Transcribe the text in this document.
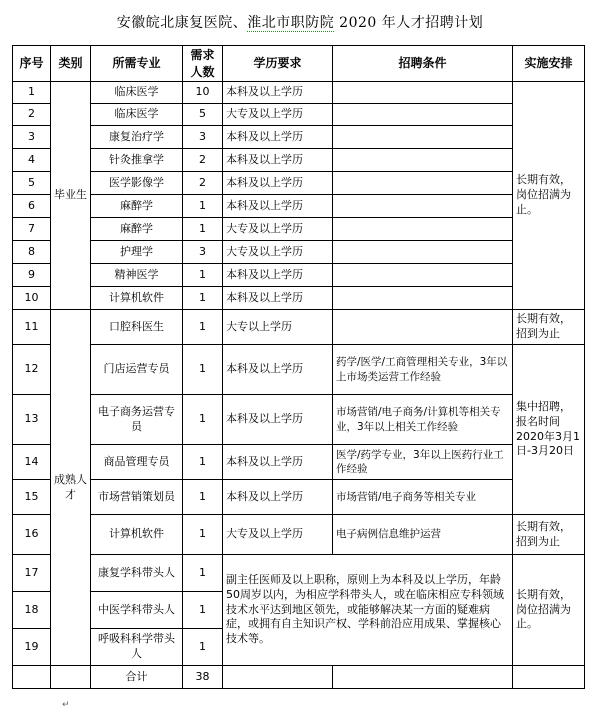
安徽皖北康复医院、淮北市职防院 2020 年人才招聘计划
序号	类别	所需专业	需求人数	学历要求	招聘条件	实施安排
1	毕业生	临床医学	10	本科及以上学历		长期有效，岗位招满为止。
2		临床医学	5	大专及以上学历		
3		康复治疗学	3	本科及以上学历		
4		针灸推拿学	2	本科及以上学历		
5		医学影像学	2	本科及以上学历		
6		麻醉学	1	本科及以上学历		
7		麻醉学	1	大专及以上学历		
8		护理学	3	大专及以上学历		
9		精神医学	1	本科及以上学历		
10		计算机软件	1	本科及以上学历		
11	成熟人才	口腔科医生	1	大专以上学历		长期有效，招到为止
12		门店运营专员	1	本科及以上学历	药学/医学/工商管理相关专业，3年以上市场类运营工作经验	集中招聘，报名时间2020年3月1日-3月20日
13		电子商务运营专员	1	本科及以上学历	市场营销/电子商务/计算机等相关专业，3年以上相关工作经验	
14		商品管理专员	1	本科及以上学历	医学/药学专业，3年以上医药行业工作经验	
15		市场营销策划员	1	本科及以上学历	市场营销/电子商务等相关专业	
16		计算机软件	1	大专及以上学历	电子病例信息维护运营	长期有效，招到为止
17		康复学科带头人	1	副主任医师及以上职称，原则上为本科及以上学历，年龄50周岁以内，为相应学科带头人，或在临床相应专科领域技术水平达到地区领先，或能够解决某一方面的疑难病症，或拥有自主知识产权、学科前沿应用成果、掌握核心技术等。		长期有效，岗位招满为止。
18		中医学科带头人	1			
19		呼吸科科学带头人	1			
		合计	38			
↵
